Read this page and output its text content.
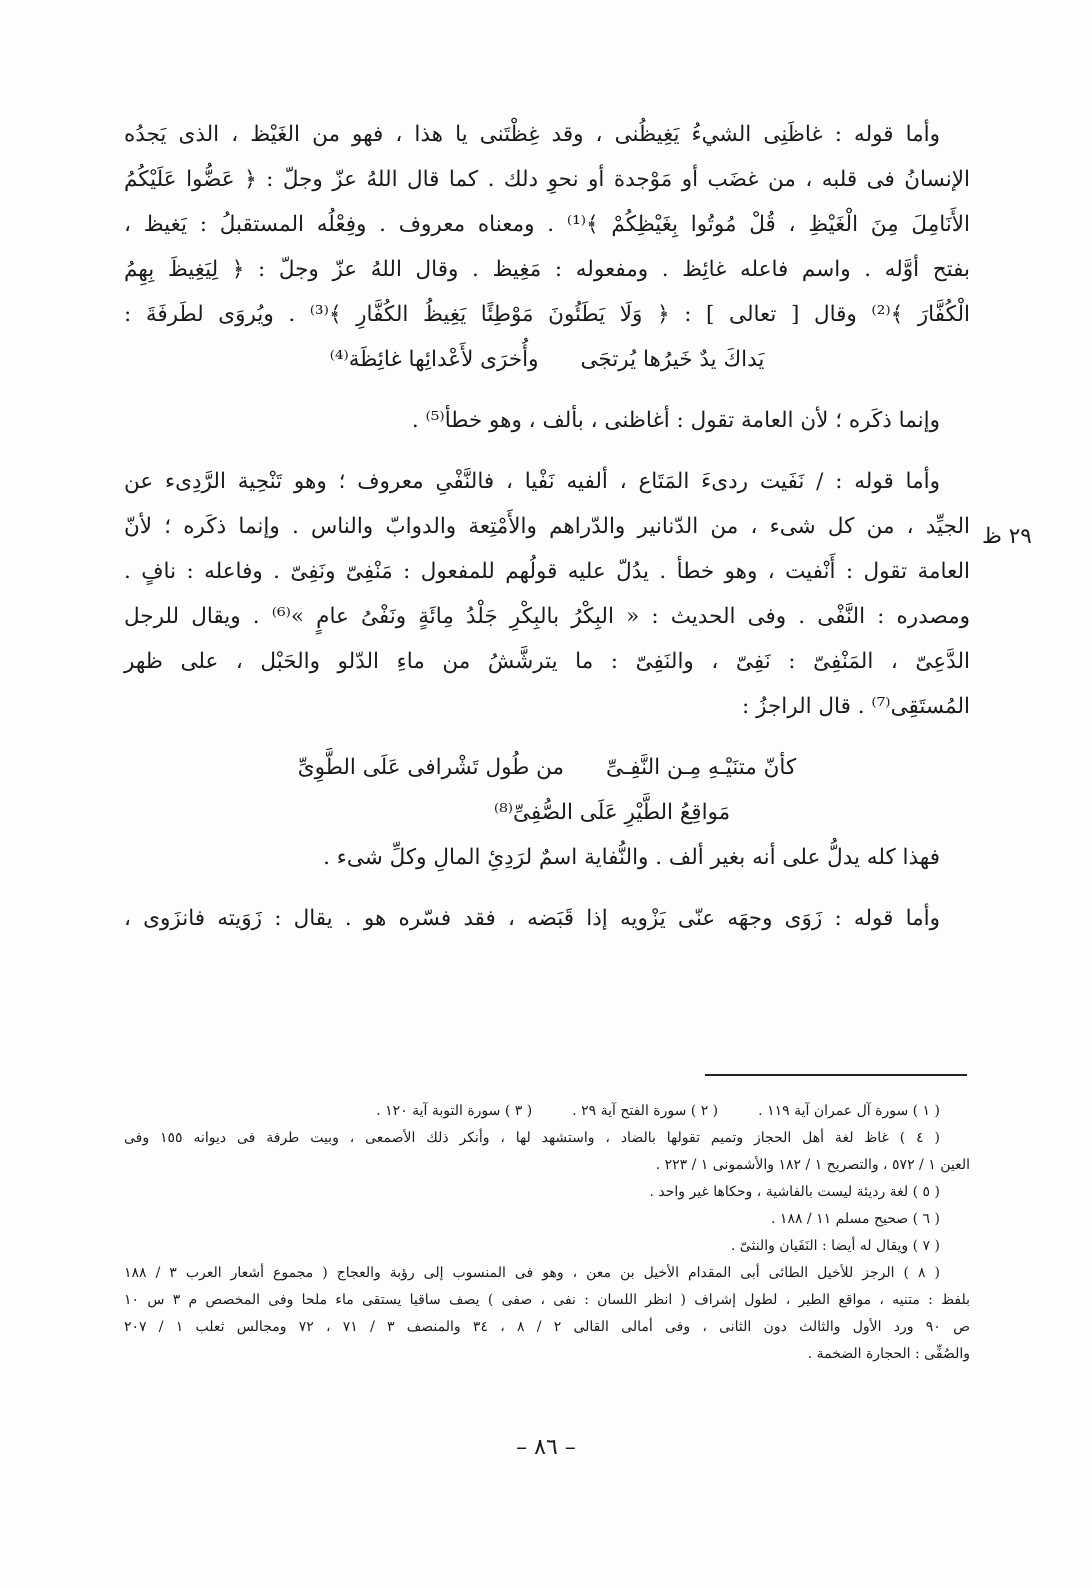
٢٩ ظ
وأما قوله : غاظَنِى الشيءُ يَغِيظُنى ، وقد غِظْتَنى يا هذا ، فهو من الغَيْظ ، الذى يَجدُه
الإنسانُ فى قلبه ، من غضَب أو مَوْجدة أو نحوِ دلك . كما قال اللهُ عزّ وجلّ : ﴿ عَضُّوا عَلَيْكُمُ
الأَنَامِلَ مِنَ الْغَيْظِ ، قُلْ مُوتُوا بِغَيْظِكُمْ ﴾⁽¹⁾ . ومعناه معروف . وفِعْلُه المستقبلُ : يَغيظ ،
بفتح أوَّله . واسم فاعله غائِظ . ومفعوله : مَغِيظ . وقال اللهُ عزّ وجلّ : ﴿ لِيَغِيظَ بِهِمُ
الْكُفَّارَ ﴾⁽²⁾ وقال [ تعالى ] : ﴿ وَلَا يَطَئُونَ مَوْطِئًا يَغِيظُ الكُفَّارِ ﴾⁽³⁾ . ويُروَى لطَرفَةَ :
يَداكَ يدٌ خَيرُها يُرتجَى
وأُخرَى لأَعْدائِها غائِظَة⁽⁴⁾
وإنما ذكَره ؛ لأن العامة تقول : أغاظنى ، بألف ، وهو خطأ⁽⁵⁾ .
وأما قوله : / نَفَيت ردىءَ المَتَاع ، ألفيه نَفْيا ، فالنَّفْىِ معروف ؛ وهو تَنْحِية الرَّدِىء عن
الجيِّد ، من كل شىء ، من الدّنانير والدّراهم والأَمْتِعة والدوابّ والناس . وإنما ذكَره ؛ لأنّ
العامة تقول : أَنْفيت ، وهو خطأ . يدُلّ عليه قولُهم للمفعول : مَنْفِىّ ونَفِىّ . وفاعله : نافٍ .
ومصدره : النَّفْى . وفى الحديث : « البِكْرُ بالبِكْرِ جَلْدُ مِائَةٍ ونَفْىُ عامٍ »⁽⁶⁾ . ويقال للرجل
الدَّعِىّ ، المَنْفِىّ : نَفِىّ ، والنَفِىّ : ما يترشَّشُ من ماءِ الدّلو والحَبْل ، على ظهر
المُستَقِى⁽⁷⁾ . قال الراجزُ :
كأنّ متنَيْـهِ مِـن النَّفِـىِّ
من طُول تَشْرافى عَلَى الطَّوِىِّ
مَواقِعُ الطَّيْرِ عَلَى الصُّفِىِّ⁽⁸⁾
فهذا كله يدلُّ على أنه بغير ألف . والنُّفاية اسمٌ لرَدِئِ المالِ وكلِّ شىء .
وأما قوله : زَوَى وجهَه عنّى يَزْويه إذا قَبَضه ، فقد فسّره هو . يقال : زَوَيته فانزَوى ،
( ١ ) سورة آل عمران آية ١١٩ .
( ٢ ) سورة الفتح آية ٢٩ .
( ٣ ) سورة التوبة آية ١٢٠ .
( ٤ ) غاظ لغة أهل الحجاز وتميم تقولها بالضاد ، واستشهد لها ، وأنكر ذلك الأصمعى ، وبيت طرفة فى ديوانه ١٥٥ وفى
العين ١ / ٥٧٢ ، والتصريح ١ / ١٨٢ والأشمونى ١ / ٢٢٣ .
( ٥ ) لغة رديئة ليست بالفاشية ، وحكاها غير واحد .
( ٦ ) صحيح مسلم ١١ / ١٨٨ .
( ٧ ) ويقال له أيضا : النَفَيان والنثىّ .
( ٨ ) الرجز للأخيل الطائى أبى المقدام الأخيل بن معن ، وهو فى المنسوب إلى رؤبة والعجاج ( مجموع أشعار العرب ٣ / ١٨٨
بلفظ : متنيه ، مواقع الطير ، لطول إشراف ( انظر اللسان : نفى ، صفى ) يصف ساقيا يستقى ماء ملحا وفى المخصص م ٣ س ١٠
ص ٩٠ ورد الأول والثالث دون الثانى ، وفى أمالى القالى ٢ / ٨ ، ٣٤ والمنصف ٣ / ٧١ ، ٧٢ ومجالس ثعلب ١ / ٢٠٧
والصُفِّى : الحجارة الضخمة .
– ٨٦ –
